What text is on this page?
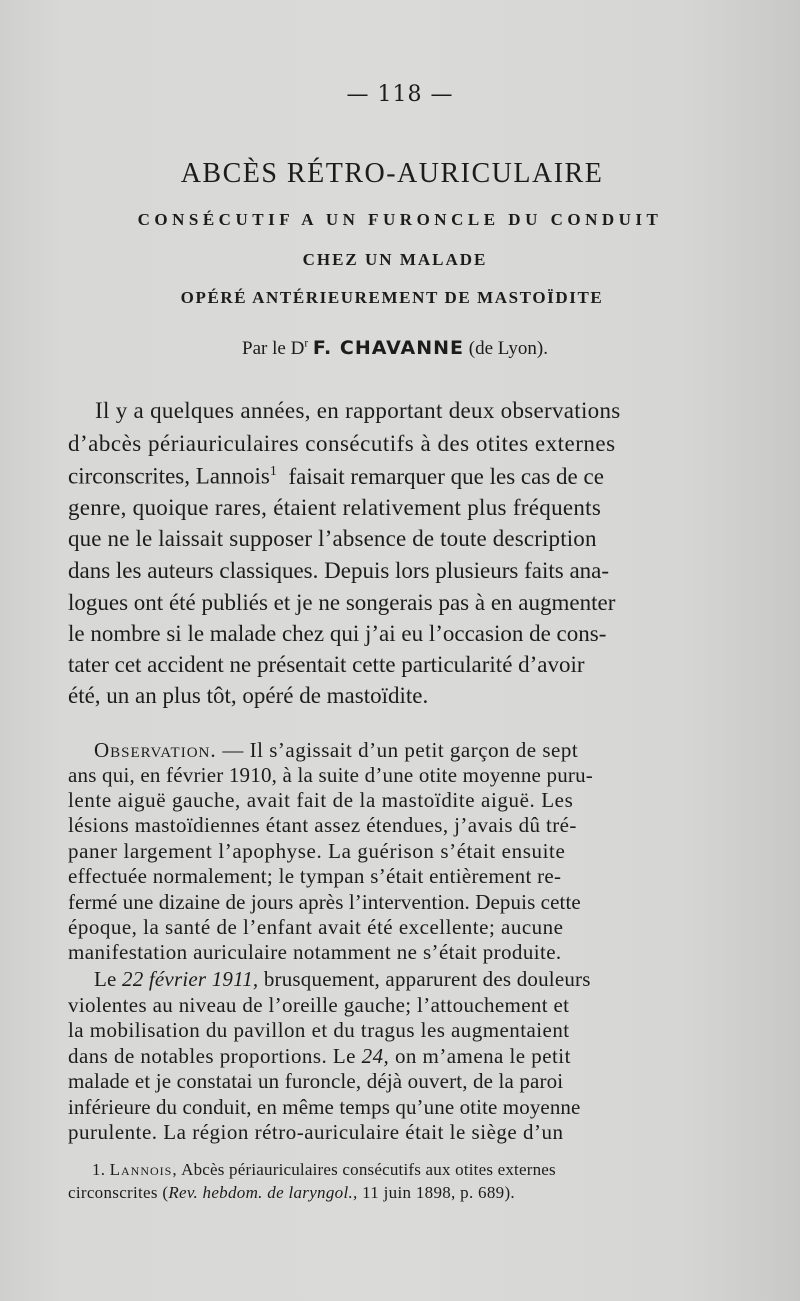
— 118 —
ABCÈS RÉTRO-AURICULAIRE
CONSÉCUTIF A UN FURONCLE DU CONDUIT
CHEZ UN MALADE
OPÉRÉ ANTÉRIEUREMENT DE MASTOÏDITE
Par le $D^r$ F. CHAVANNE (de Lyon).
Il y a quelques années, en rapportant deux observations
d’abcès périauriculaires consécutifs à des otites externes
circonscrites, Lannois$^1$ faisait remarquer que les cas de ce
genre, quoique rares, étaient relativement plus fréquents
que ne le laissait supposer l’absence de toute description
dans les auteurs classiques. Depuis lors plusieurs faits ana-
logues ont été publiés et je ne songerais pas à en augmenter
le nombre si le malade chez qui j’ai eu l’occasion de cons-
tater cet accident ne présentait cette particularité d’avoir
été, un an plus tôt, opéré de mastoïdite.
Observation. — Il s’agissait d’un petit garçon de sept
ans qui, en février 1910, à la suite d’une otite moyenne puru-
lente aiguë gauche, avait fait de la mastoïdite aiguë. Les
lésions mastoïdiennes étant assez étendues, j’avais dû tré-
paner largement l’apophyse. La guérison s’était ensuite
effectuée normalement; le tympan s’était entièrement re-
fermé une dizaine de jours après l’intervention. Depuis cette
époque, la santé de l’enfant avait été excellente; aucune
manifestation auriculaire notamment ne s’était produite.
Le 22 février 1911, brusquement, apparurent des douleurs
violentes au niveau de l’oreille gauche; l’attouchement et
la mobilisation du pavillon et du tragus les augmentaient
dans de notables proportions. Le 24, on m’amena le petit
malade et je constatai un furoncle, déjà ouvert, de la paroi
inférieure du conduit, en même temps qu’une otite moyenne
purulente. La région rétro-auriculaire était le siège d’un
1. Lannois, Abcès périauriculaires consécutifs aux otites externes
circonscrites (Rev. hebdom. de laryngol., 11 juin 1898, p. 689).
